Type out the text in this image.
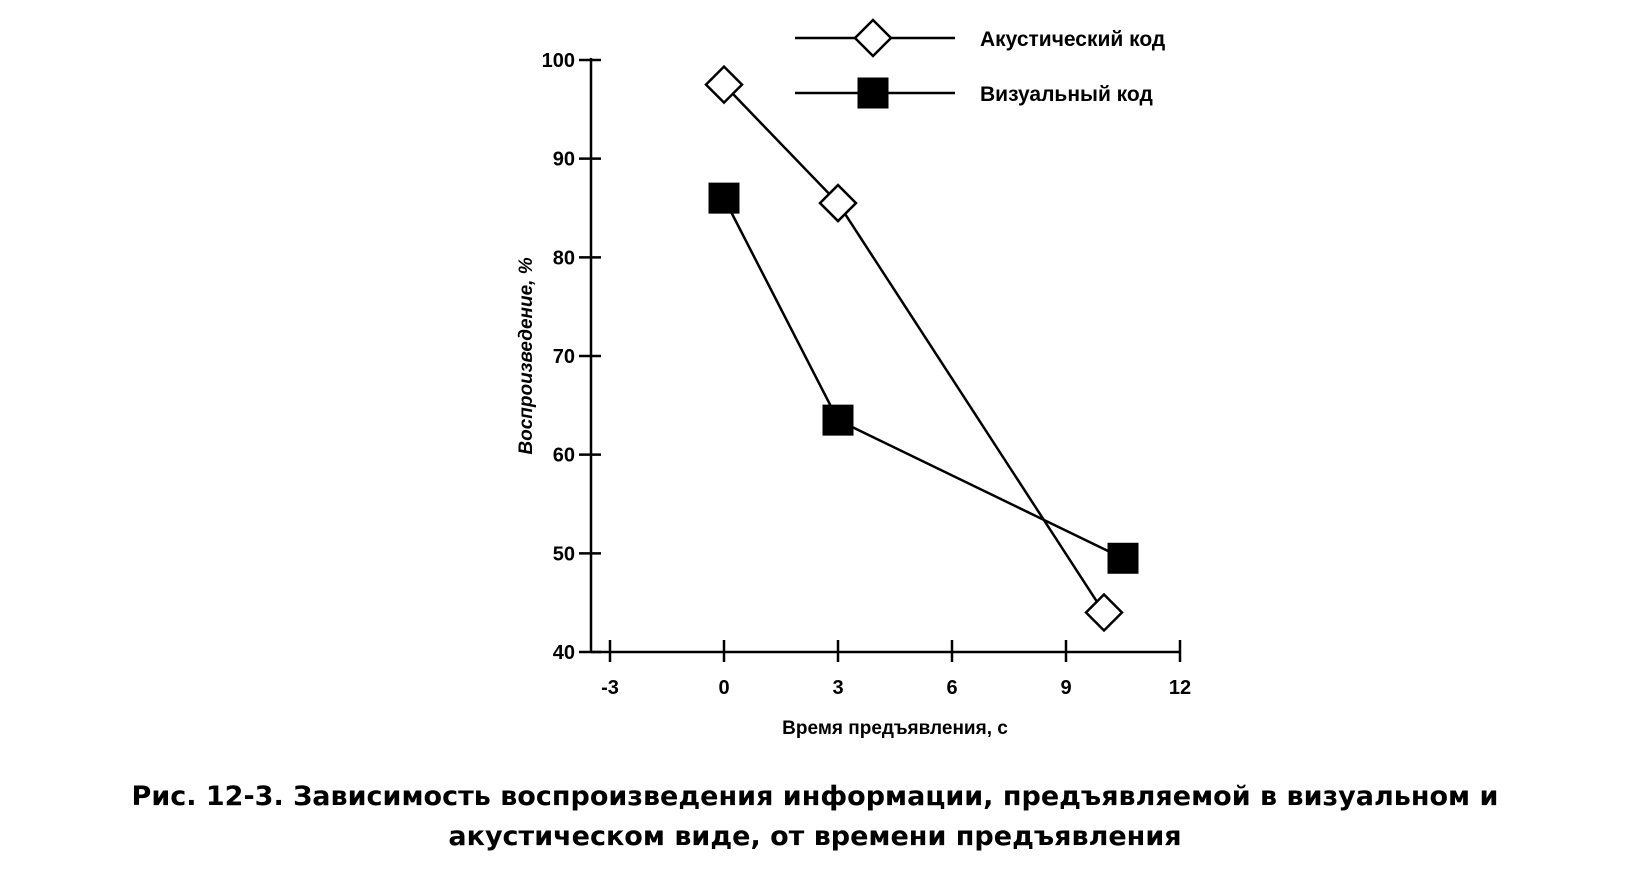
40
50
60
70
80
90
100
-3	0	3	6	9	12
Время предъявления, с
Воспроизведение, %
Акустический код
Визуальный код
Рис. 12-3. Зависимость воспроизведения информации, предъявляемой в визуальном и
акустическом виде, от времени предъявления
